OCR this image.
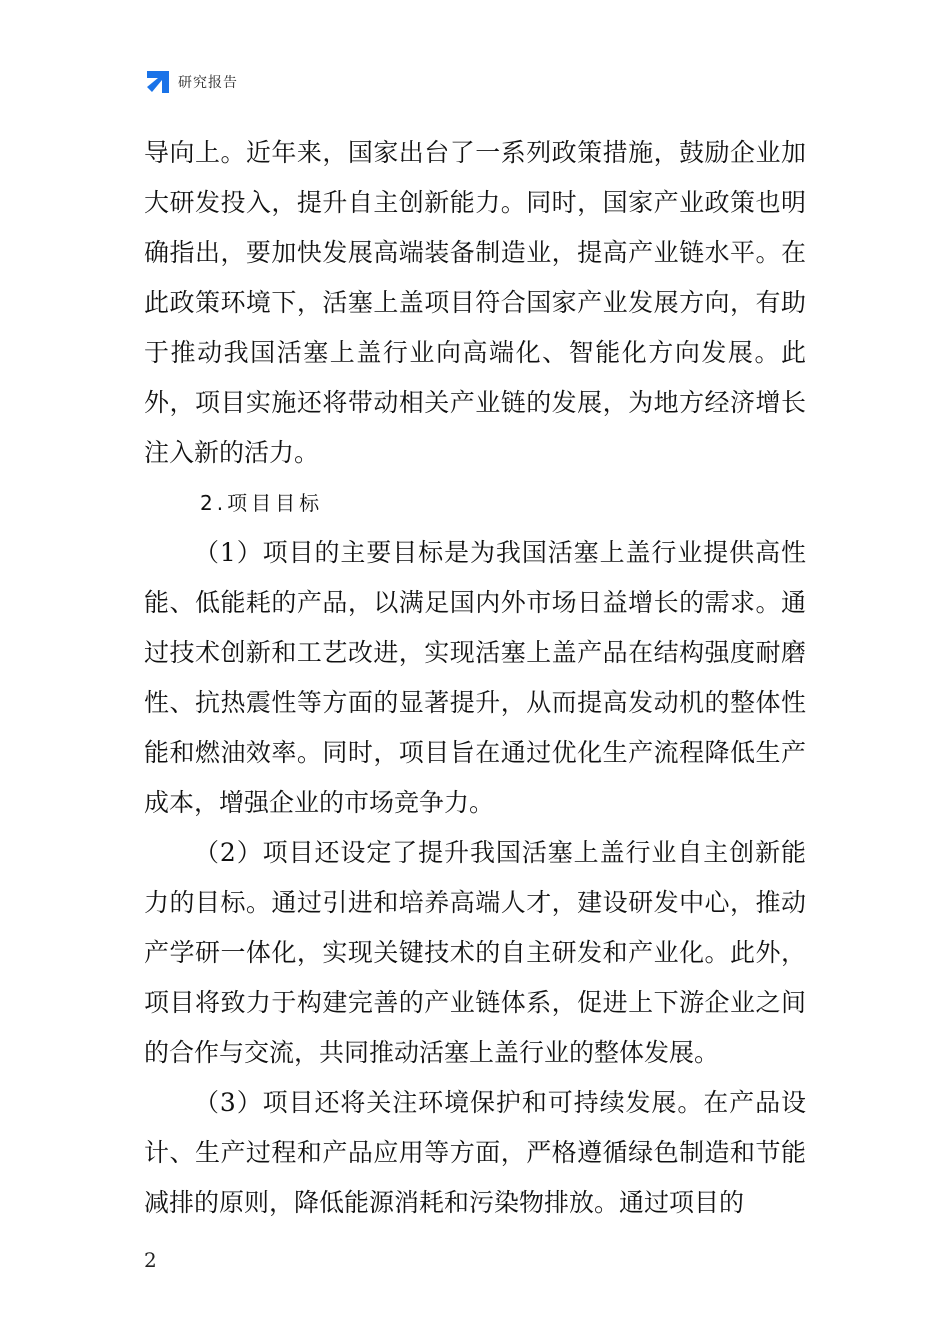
研究报告

导向上。近年来，国家出台了一系列政策措施，鼓励企业加大研发投入，提升自主创新能力。同时，国家产业政策也明确指出，要加快发展高端装备制造业，提高产业链水平。在此政策环境下，活塞上盖项目符合国家产业发展方向，有助于推动我国活塞上盖行业向高端化、智能化方向发展。此外，项目实施还将带动相关产业链的发展，为地方经济增长注入新的活力。

2.项目目标

（1）项目的主要目标是为我国活塞上盖行业提供高性能、低能耗的产品，以满足国内外市场日益增长的需求。通过技术创新和工艺改进，实现活塞上盖产品在结构强度耐磨性、抗热震性等方面的显著提升，从而提高发动机的整体性能和燃油效率。同时，项目旨在通过优化生产流程降低生产成本，增强企业的市场竞争力。

（2）项目还设定了提升我国活塞上盖行业自主创新能力的目标。通过引进和培养高端人才，建设研发中心，推动产学研一体化，实现关键技术的自主研发和产业化。此外，项目将致力于构建完善的产业链体系，促进上下游企业之间的合作与交流，共同推动活塞上盖行业的整体发展。

（3）项目还将关注环境保护和可持续发展。在产品设计、生产过程和产品应用等方面，严格遵循绿色制造和节能减排的原则，降低能源消耗和污染物排放。通过项目的

2
